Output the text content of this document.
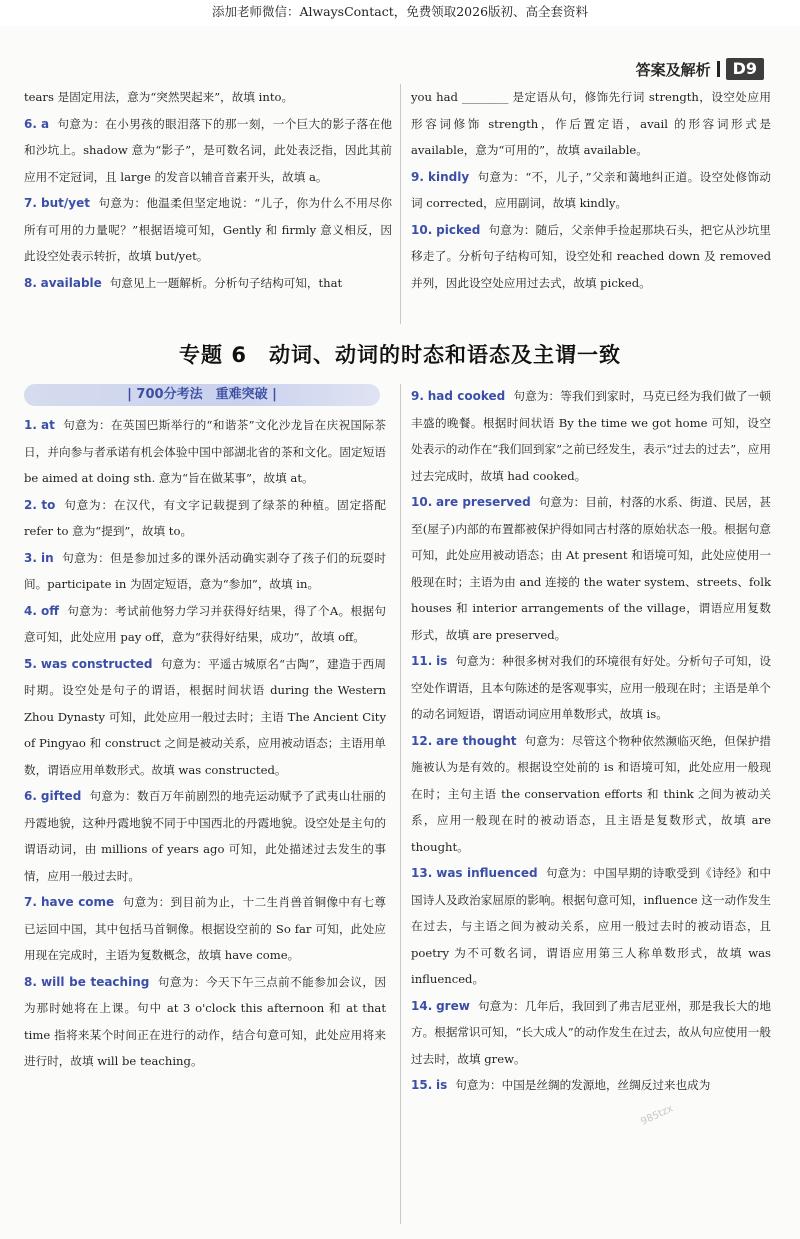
添加老师微信：AlwaysContact，免费领取2026版初、高全套资料
答案及解析	D9
tears 是固定用法，意为“突然哭起来”，故填 into。
6. a 句意为：在小男孩的眼泪落下的那一刻，一个巨大的影子落在他和沙坑上。shadow 意为“影子”，是可数名词，此处表泛指，因此其前应用不定冠词，且 large 的发音以辅音音素开头，故填 a。
7. but/yet 句意为：他温柔但坚定地说：“儿子，你为什么不用尽你所有可用的力量呢？”根据语境可知，Gently 和 firmly 意义相反，因此设空处表示转折，故填 but/yet。
8. available 句意见上一题解析。分析句子结构可知，that
you had ________ 是定语从句，修饰先行词 strength，设空处应用形容词修饰 strength，作后置定语，avail 的形容词形式是 available，意为“可用的”，故填 available。
9. kindly 句意为：“不，儿子，”父亲和蔼地纠正道。设空处修饰动词 corrected，应用副词，故填 kindly。
10. picked 句意为：随后，父亲伸手捡起那块石头，把它从沙坑里移走了。分析句子结构可知，设空处和 reached down 及 removed 并列，因此设空处应用过去式，故填 picked。
专题 6　动词、动词的时态和语态及主谓一致
| 700分考法　重难突破 |
1. at 句意为：在英国巴斯举行的“和谐茶”文化沙龙旨在庆祝国际茶日，并向参与者承诺有机会体验中国中部湖北省的茶和文化。固定短语 be aimed at doing sth. 意为“旨在做某事”，故填 at。
2. to 句意为：在汉代，有文字记载提到了绿茶的种植。固定搭配 refer to 意为“提到”，故填 to。
3. in 句意为：但是参加过多的课外活动确实剥夺了孩子们的玩耍时间。participate in 为固定短语，意为“参加”，故填 in。
4. off 句意为：考试前他努力学习并获得好结果，得了个A。根据句意可知，此处应用 pay off，意为“获得好结果，成功”，故填 off。
5. was constructed 句意为：平遥古城原名“古陶”，建造于西周时期。设空处是句子的谓语，根据时间状语 during the Western Zhou Dynasty 可知，此处应用一般过去时；主语 The Ancient City of Pingyao 和 construct 之间是被动关系，应用被动语态；主语用单数，谓语应用单数形式。故填 was constructed。
6. gifted 句意为：数百万年前剧烈的地壳运动赋予了武夷山壮丽的丹霞地貌，这种丹霞地貌不同于中国西北的丹霞地貌。设空处是主句的谓语动词，由 millions of years ago 可知，此处描述过去发生的事情，应用一般过去时。
7. have come 句意为：到目前为止，十二生肖兽首铜像中有七尊已运回中国，其中包括马首铜像。根据设空前的 So far 可知，此处应用现在完成时，主语为复数概念，故填 have come。
8. will be teaching 句意为：今天下午三点前不能参加会议，因为那时她将在上课。句中 at 3 o'clock this afternoon 和 at that time 指将来某个时间正在进行的动作，结合句意可知，此处应用将来进行时，故填 will be teaching。
9. had cooked 句意为：等我们到家时，马克已经为我们做了一顿丰盛的晚餐。根据时间状语 By the time we got home 可知，设空处表示的动作在“我们回到家”之前已经发生，表示“过去的过去”，应用过去完成时，故填 had cooked。
10. are preserved 句意为：目前，村落的水系、街道、民居，甚至(屋子)内部的布置都被保护得如同古村落的原始状态一般。根据句意可知，此处应用被动语态；由 At present 和语境可知，此处应使用一般现在时；主语为由 and 连接的 the water system、streets、folk houses 和 interior arrangements of the village，谓语应用复数形式，故填 are preserved。
11. is 句意为：种很多树对我们的环境很有好处。分析句子可知，设空处作谓语，且本句陈述的是客观事实，应用一般现在时；主语是单个的动名词短语，谓语动词应用单数形式，故填 is。
12. are thought 句意为：尽管这个物种依然濒临灭绝，但保护措施被认为是有效的。根据设空处前的 is 和语境可知，此处应用一般现在时；主句主语 the conservation efforts 和 think 之间为被动关系，应用一般现在时的被动语态，且主语是复数形式，故填 are thought。
13. was influenced 句意为：中国早期的诗歌受到《诗经》和中国诗人及政治家屈原的影响。根据句意可知，influence 这一动作发生在过去，与主语之间为被动关系，应用一般过去时的被动语态，且 poetry 为不可数名词，谓语应用第三人称单数形式，故填 was influenced。
14. grew 句意为：几年后，我回到了弗吉尼亚州，那是我长大的地方。根据常识可知，“长大成人”的动作发生在过去，故从句应使用一般过去时，故填 grew。
15. is 句意为：中国是丝绸的发源地，丝绸反过来也成为
985tzx
